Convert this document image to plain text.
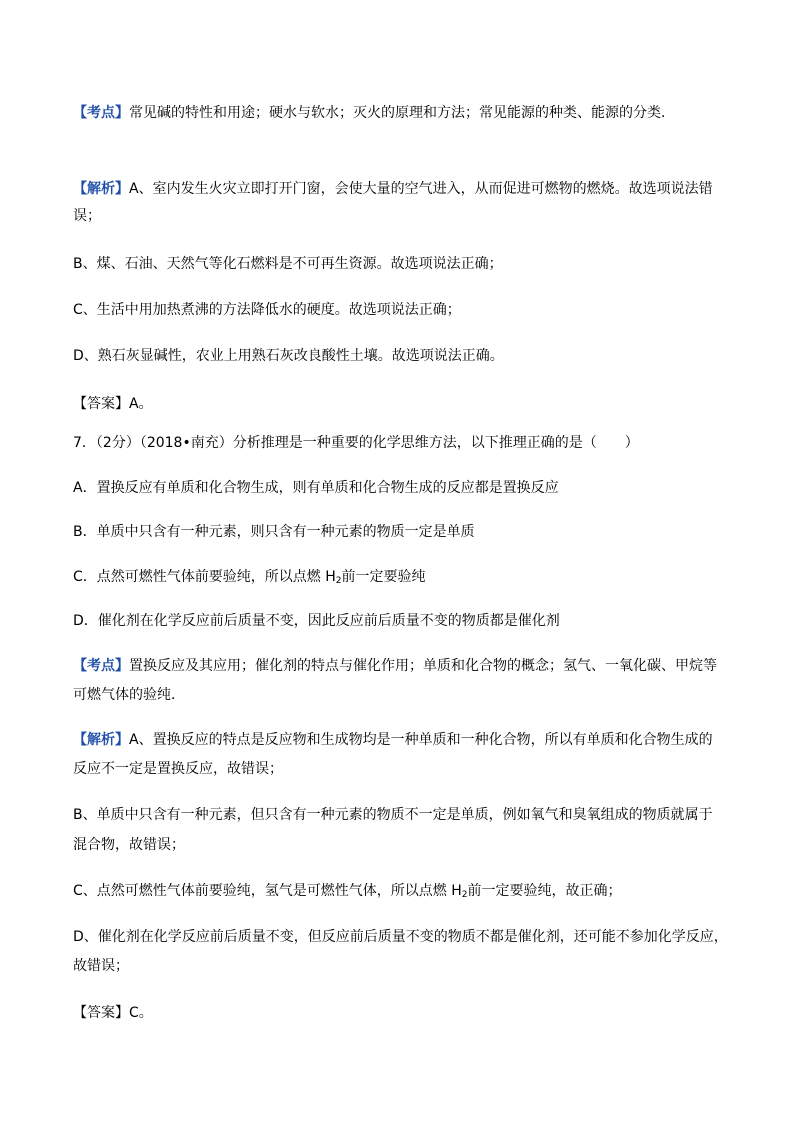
【考点】常见碱的特性和用途；硬水与软水；灭火的原理和方法；常见能源的种类、能源的分类．
【解析】A、室内发生火灾立即打开门窗，会使大量的空气进入，从而促进可燃物的燃烧。故选项说法错
误；
B、煤、石油、天然气等化石燃料是不可再生资源。故选项说法正确；
C、生活中用加热煮沸的方法降低水的硬度。故选项说法正确；
D、熟石灰显碱性，农业上用熟石灰改良酸性土壤。故选项说法正确。
【答案】A。
7．（2分）（2018•南充）分析推理是一种重要的化学思维方法，以下推理正确的是（　　）
A．置换反应有单质和化合物生成，则有单质和化合物生成的反应都是置换反应
B．单质中只含有一种元素，则只含有一种元素的物质一定是单质
C．点然可燃性气体前要验纯，所以点燃 $H_2$前一定要验纯
D．催化剂在化学反应前后质量不变，因此反应前后质量不变的物质都是催化剂
【考点】置换反应及其应用；催化剂的特点与催化作用；单质和化合物的概念；氢气、一氧化碳、甲烷等
可燃气体的验纯．
【解析】A、置换反应的特点是反应物和生成物均是一种单质和一种化合物，所以有单质和化合物生成的
反应不一定是置换反应，故错误；
B、单质中只含有一种元素，但只含有一种元素的物质不一定是单质，例如氧气和臭氧组成的物质就属于
混合物，故错误；
C、点然可燃性气体前要验纯，氢气是可燃性气体，所以点燃 $H_2$前一定要验纯，故正确；
D、催化剂在化学反应前后质量不变，但反应前后质量不变的物质不都是催化剂，还可能不参加化学反应，
故错误；
【答案】C。
